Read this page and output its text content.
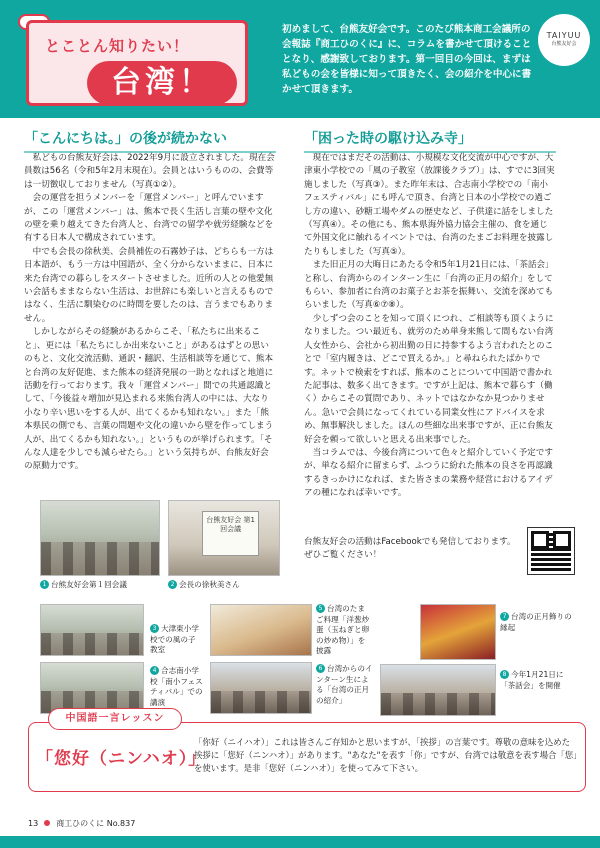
とことん知りたい！
台湾！
初めまして、台熊友好会です。このたび熊本商工会議所の会報誌『商工ひのくに』に、コラムを書かせて頂けることとなり、感謝致しております。第一回目の今回は、まずは私どもの会を皆様に知って頂きたく、会の紹介を中心に書かせて頂きます。
TAIYUU
台熊友好会
「こんにちは。」の後が続かない

私どもの台熊友好会は、2022年9月に設立されました。現在会員数は56名（令和5年2月末現在）。会員とはいうものの、会費等は一切徴収しておりません（写真①②）。

会の運営を担うメンバーを「運営メンバー」と呼んでいますが、この「運営メンバー」は、熊本で長く生活し言葉の壁や文化の壁を乗り越えてきた台湾人と、台湾での留学や就労経験などを有する日本人で構成されています。

中でも会長の徐秋美、会員補佐の石霧妙子は、どちらも一方は日本語が、もう一方は中国語が、全く分からないままに、日本に来た台湾での暮らしをスタートさせました。近所の人との他愛無い会話もままならない生活は、お世辞にも楽しいと言えるものではなく、生活に馴染むのに時間を要したのは、言うまでもありません。

しかしながらその経験があるからこそ、「私たちに出来ること」、更には「私たちにしか出来ないこと」があるはずとの思いのもと、文化交流活動、通訳・翻訳、生活相談等を通じて、熊本と台湾の友好促進、また熊本の経済発展の一助となればと地道に活動を行っております。我々「運営メンバー」間での共通認識として、「今後益々増加が見込まれる来熊台湾人の中には、大なり小なり辛い思いをする人が、出てくるかも知れない。」また「熊本県民の側でも、言葉の問題や文化の違いから壁を作ってしまう人が、出てくるかも知れない。」というものが挙げられます。「そんな人達を少しでも減らせたら。」という気持ちが、台熊友好会の原動力です。

「困った時の駆け込み寺」

現在ではまだその活動は、小規模な文化交流が中心ですが、大津東小学校での「風の子教室（放課後クラブ）」は、すでに3回実施しました（写真③）。また昨年末は、合志南小学校での「南小フェスティバル」にも呼んで頂き、台湾と日本の小学校での過ごし方の違い、砂糖工場やダムの歴史など、子供達に話をしました（写真④）。その他にも、熊本県海外協力協会主催の、食を通じて外国文化に触れるイベントでは、台湾のたまごお料理を披露したりもしました（写真⑤）。

また旧正月の大晦日にあたる令和5年1月21日には、「茶話会」と称し、台湾からのインターン生に「台湾の正月の紹介」をしてもらい、参加者に台湾のお菓子とお茶を振舞い、交流を深めてもらいました（写真⑥⑦⑧）。

少しずつ会のことを知って頂くにつれ、ご相談等も頂くようになりました。つい最近も、就労のため単身来熊して間もない台湾人女性から、会社から初出勤の日に持参するよう言われたとのことで「室内履きは、どこで買えるか。」と尋ねられたばかりです。ネットで検索をすれば、熊本のことについて中国語で書かれた記事は、数多く出てきます。ですが上記は、熊本で暮らす（働く）からこその質問であり、ネットではなかなか見つかりません。急いで会員になってくれている同業女性にアドバイスを求め、無事解決しました。ほんの些細な出来事ですが、正に台熊友好会を頼って欲しいと思える出来事でした。

当コラムでは、今後台湾について色々と紹介していく予定ですが、単なる紹介に留まらず、ふつうに紛れた熊本の良さを再認識するきっかけになれば、また皆さまの業務や経営におけるアイデアの種になれば幸いです。

台熊友好会の活動はFacebookでも発信しております。ぜひご覧ください！
台熊友好会 第1回会議
1 台熊友好会第１回会議	2 会長の徐秋美さん
3 大津東小学校での風の子教室
5 台湾のたまご料理「洋葱炒蛋（玉ねぎと卵の炒め物）」を披露
7 台湾の正月飾りの縁起
4 合志南小学校「南小フェスティバル」での講演
6 台湾からのインターン生による「台湾の正月の紹介」
8 今年1月21日に「茶話会」を開催
中国語一言レッスン
「您好（ニンハオ）」
「你好（ニイハオ）」これは皆さんご存知かと思いますが、「挨拶」の言葉です。尊敬の意味を込めた挨拶に「您好（ニンハオ）」があります。"あなた"を表す「你」ですが、台湾では敬意を表す場合「您」を使います。是非「您好（ニンハオ）」を使ってみて下さい。
13 商工ひのくに No.837
